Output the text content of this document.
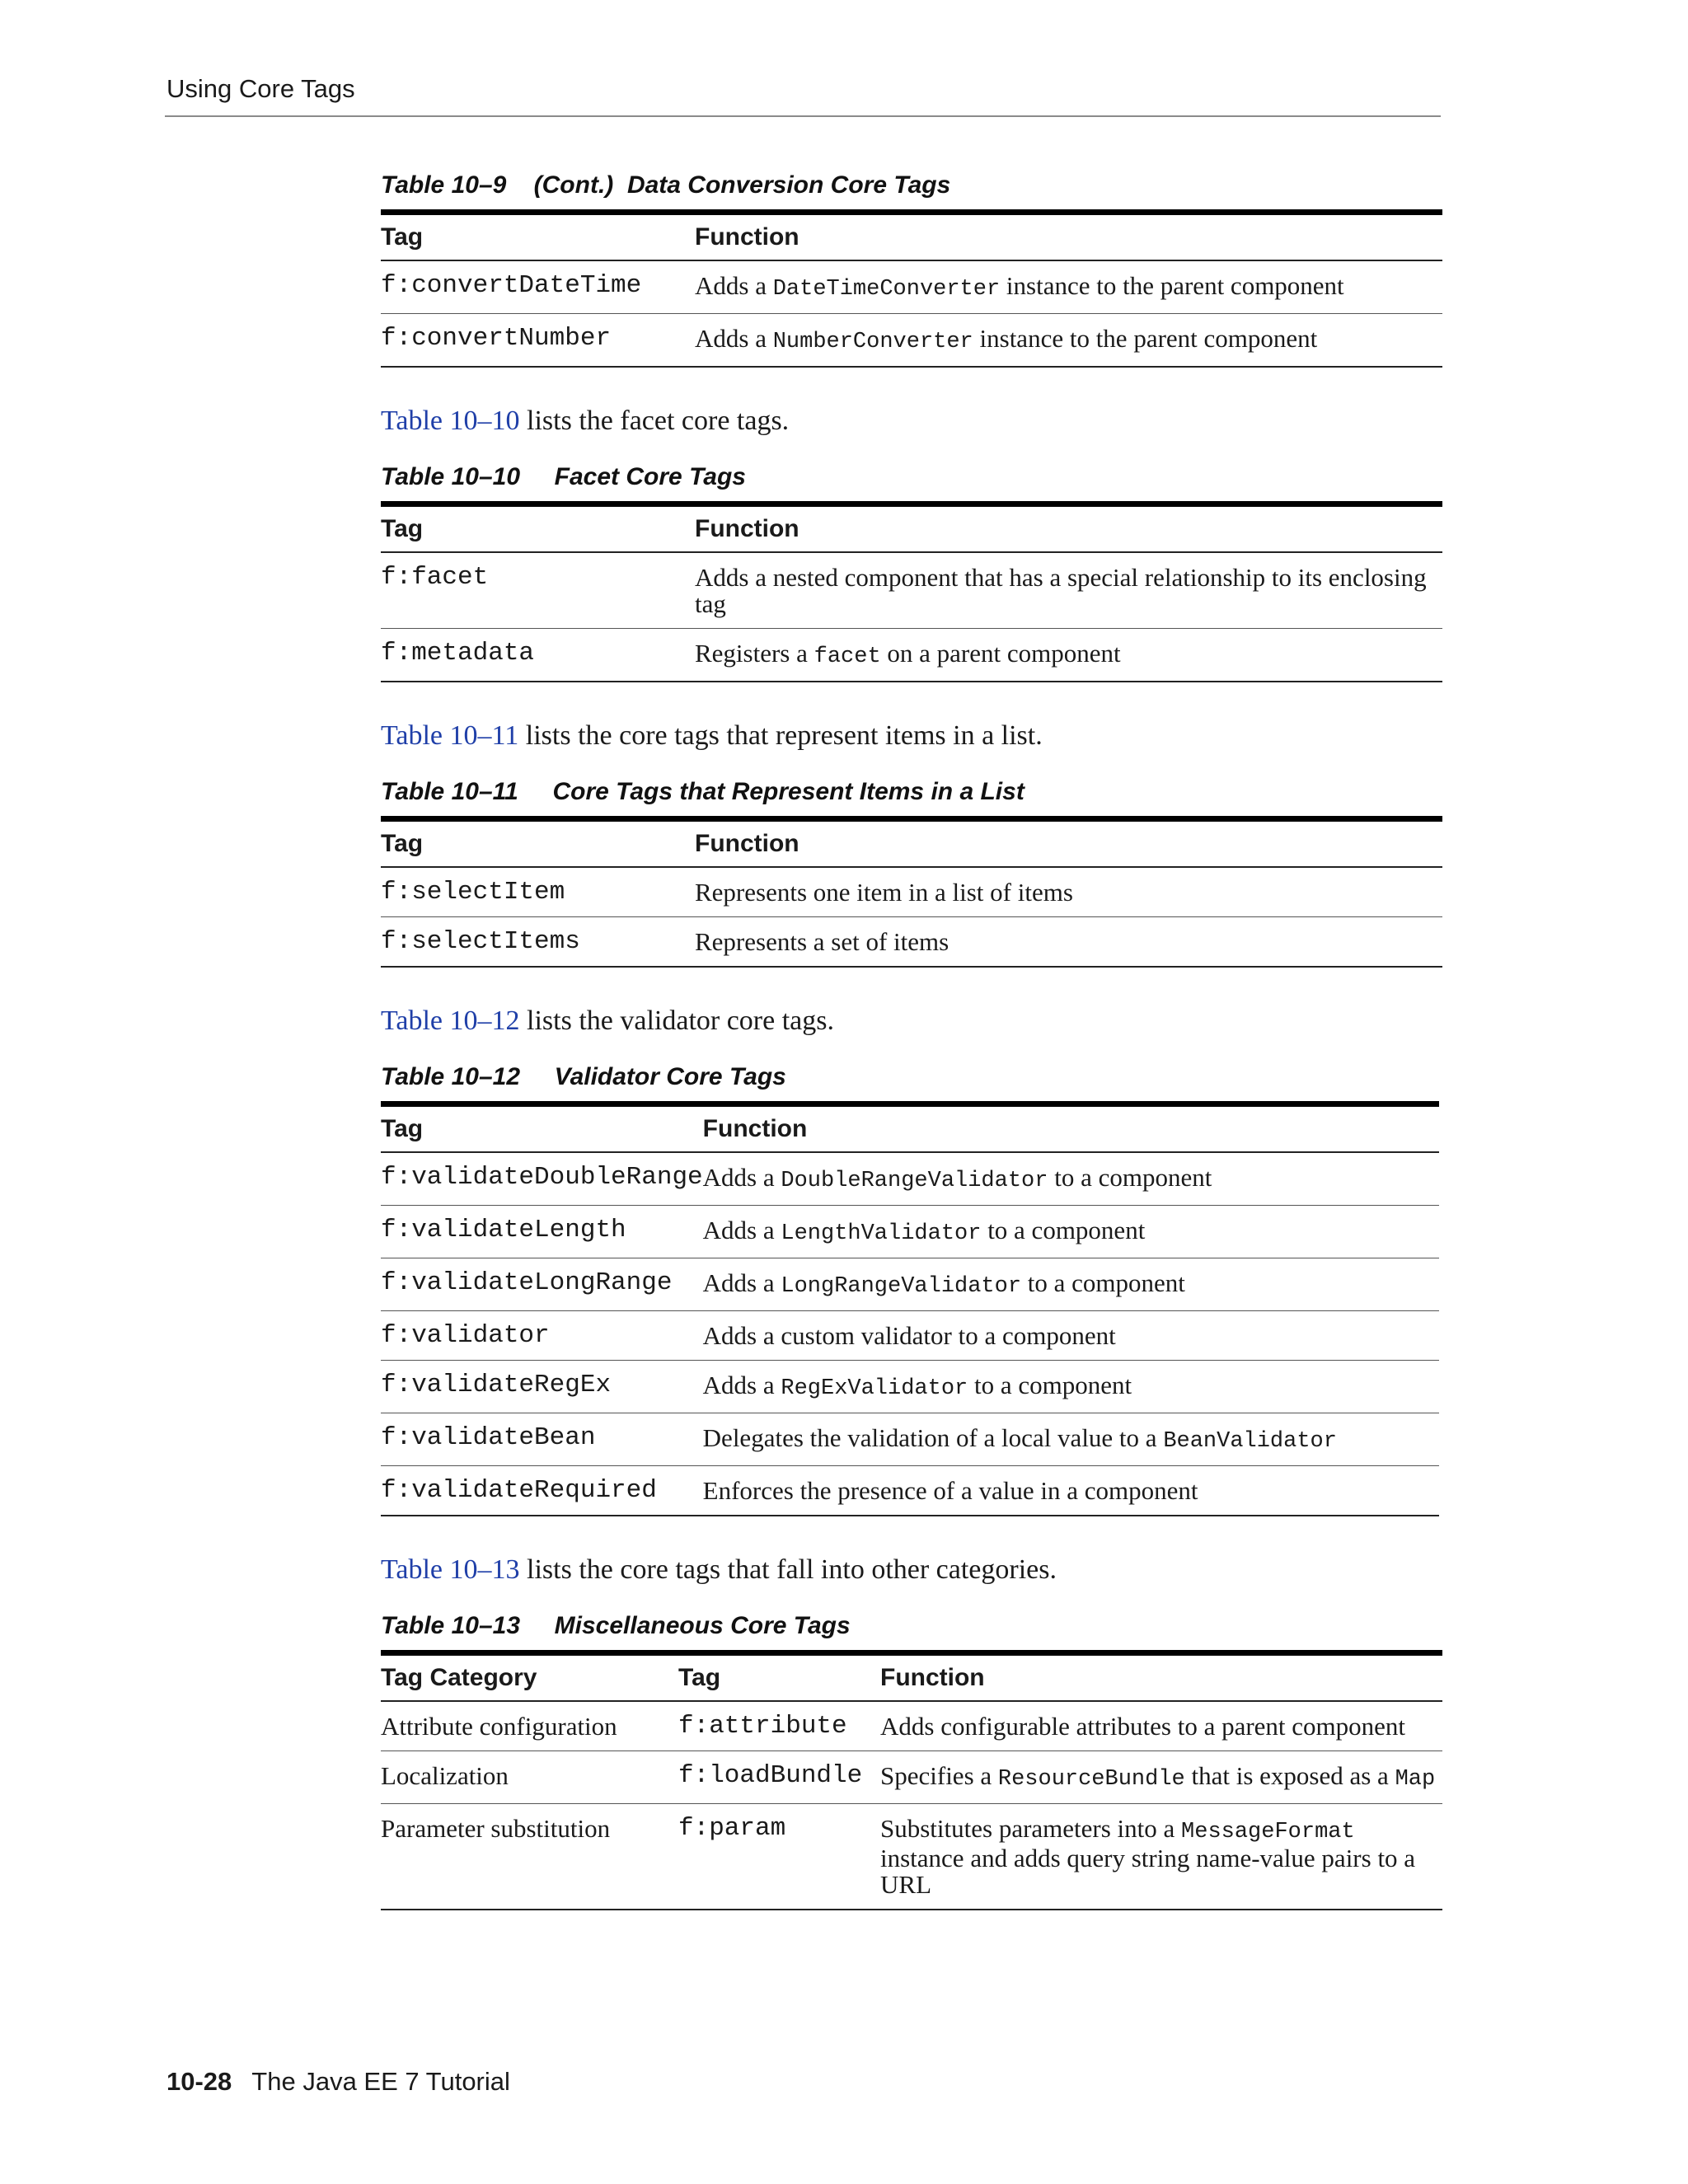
Using Core Tags
Table 10–9    (Cont.)  Data Conversion Core Tags
Tag	Function
f:convertDateTime	Adds a DateTimeConverter instance to the parent component
f:convertNumber	Adds a NumberConverter instance to the parent component
Table 10–10 lists the facet core tags.
Table 10–10     Facet Core Tags
Tag	Function
f:facet	Adds a nested component that has a special relationship to its enclosing tag
f:metadata	Registers a facet on a parent component
Table 10–11 lists the core tags that represent items in a list.
Table 10–11     Core Tags that Represent Items in a List
Tag	Function
f:selectItem	Represents one item in a list of items
f:selectItems	Represents a set of items
Table 10–12 lists the validator core tags.
Table 10–12     Validator Core Tags
Tag	Function
f:validateDoubleRange	Adds a DoubleRangeValidator to a component
f:validateLength	Adds a LengthValidator to a component
f:validateLongRange	Adds a LongRangeValidator to a component
f:validator	Adds a custom validator to a component
f:validateRegEx	Adds a RegExValidator to a component
f:validateBean	Delegates the validation of a local value to a BeanValidator
f:validateRequired	Enforces the presence of a value in a component
Table 10–13 lists the core tags that fall into other categories.
Table 10–13     Miscellaneous Core Tags
Tag Category	Tag	Function
Attribute configuration	f:attribute	Adds configurable attributes to a parent component
Localization	f:loadBundle	Specifies a ResourceBundle that is exposed as a Map
Parameter substitution	f:param	Substitutes parameters into a MessageFormat instance and adds query string name-value pairs to a URL
10-28 The Java EE 7 Tutorial
